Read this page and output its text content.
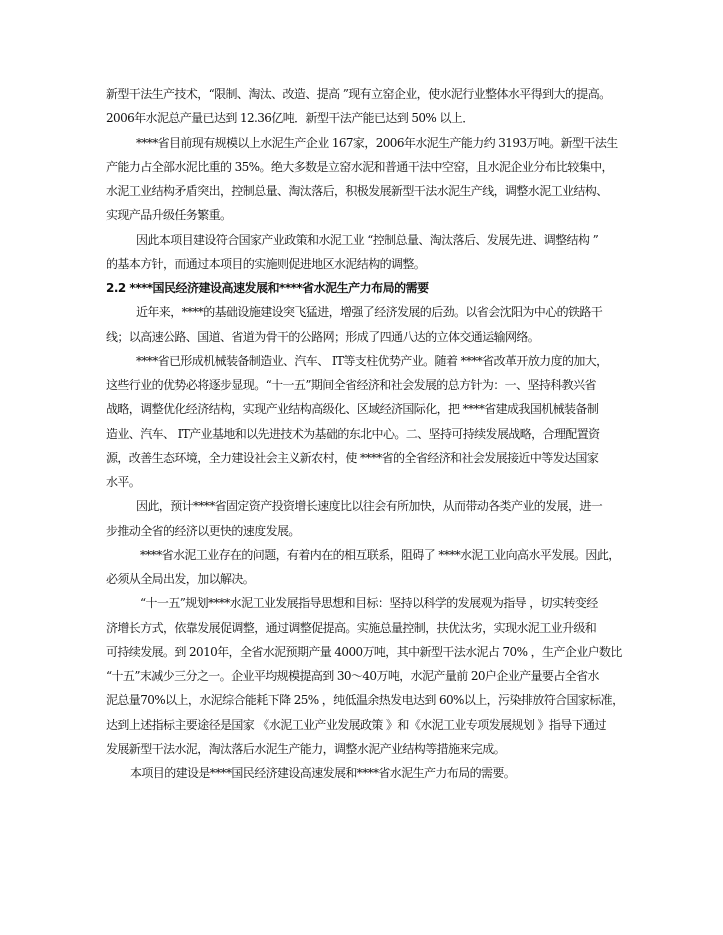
新型干法生产技术，“限制、淘汰、改造、提高 ”现有立窑企业，使水泥行业整体水平得到大的提高。
2006年水泥总产量已达到 12.36亿吨．新型干法产能已达到 50% 以上．
****省目前现有规模以上水泥生产企业 167家，2006年水泥生产能力约 3193万吨。新型干法生
产能力占全部水泥比重的 35%。绝大多数是立窑水泥和普通干法中空窑，且水泥企业分布比较集中，
水泥工业结构矛盾突出，控制总量、淘汰落后，积极发展新型干法水泥生产线，调整水泥工业结构、
实现产品升级任务繁重。
因此本项目建设符合国家产业政策和水泥工业 “控制总量、淘汰落后、发展先进、调整结构 ”
的基本方针，而通过本项目的实施则促进地区水泥结构的调整。
2.2 ****国民经济建设高速发展和****省水泥生产力布局的需要
近年来，****的基础设施建设突飞猛进，增强了经济发展的后劲。以省会沈阳为中心的铁路干
线；以高速公路、国道、省道为骨干的公路网；形成了四通八达的立体交通运输网络。
****省已形成机械装备制造业、汽车、 IT等支柱优势产业。随着 ****省改革开放力度的加大，
这些行业的优势必将逐步显现。“十一五”期间全省经济和社会发展的总方针为：一、坚持科教兴省
战略，调整优化经济结构，实现产业结构高级化、区域经济国际化，把 ****省建成我国机械装备制
造业、汽车、 IT产业基地和以先进技术为基础的东北中心。二、坚持可持续发展战略，合理配置资
源，改善生态环境，全力建设社会主义新农村，使 ****省的全省经济和社会发展接近中等发达国家
水平。
因此，预计****省固定资产投资增长速度比以往会有所加快，从而带动各类产业的发展，进一
步推动全省的经济以更快的速度发展。
****省水泥工业存在的问题，有着内在的相互联系，阻碍了 ****水泥工业向高水平发展。因此，
必须从全局出发，加以解决。
“十一五”规划****水泥工业发展指导思想和目标：坚持以科学的发展观为指导 ，切实转变经
济增长方式，依靠发展促调整，通过调整促提高。实施总量控制，扶优汰劣，实现水泥工业升级和
可持续发展。到 2010年，全省水泥预期产量 4000万吨，其中新型干法水泥占 70% ，生产企业户数比
“十五”末减少三分之一。企业平均规模提高到 30～40万吨，水泥产量前 20户企业产量要占全省水
泥总量70%以上，水泥综合能耗下降 25% ，纯低温余热发电达到 60%以上，污染排放符合国家标准，
达到上述指标主要途径是国家 《水泥工业产业发展政策 》和《水泥工业专项发展规划 》指导下通过
发展新型干法水泥，淘汰落后水泥生产能力，调整水泥产业结构等措施来完成。
本项目的建设是****国民经济建设高速发展和****省水泥生产力布局的需要。
